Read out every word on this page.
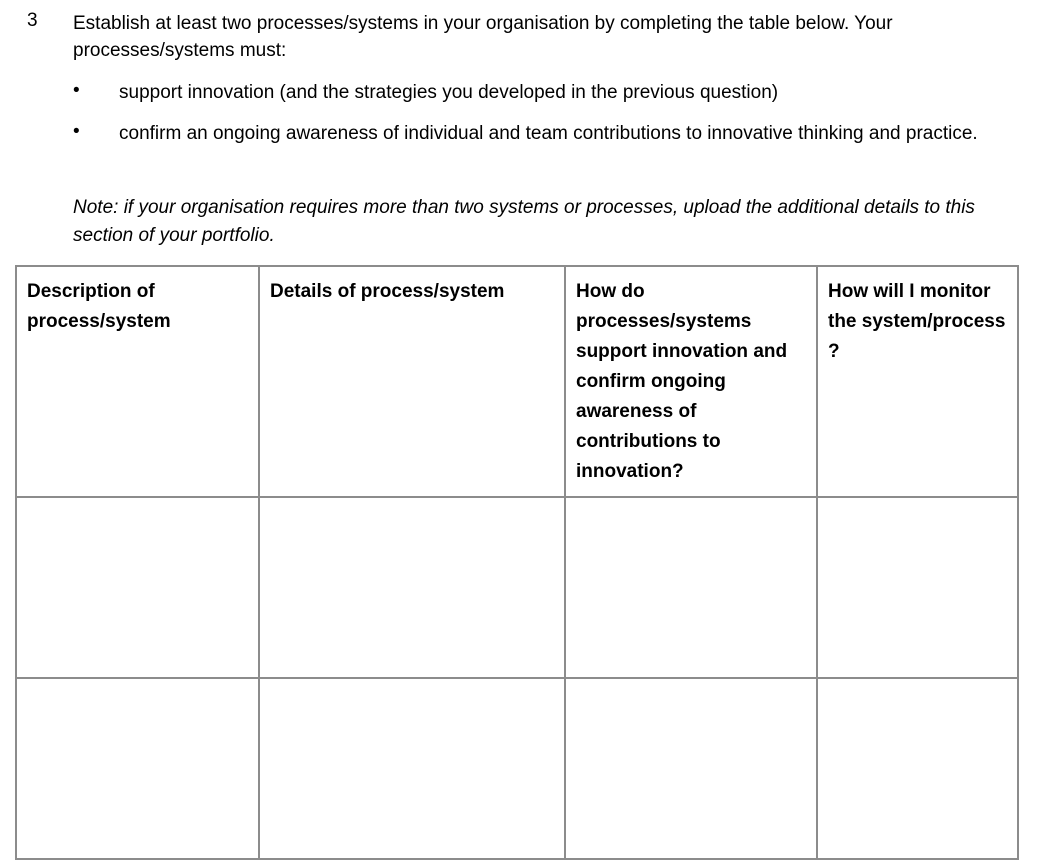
3 Establish at least two processes/systems in your organisation by completing the table below. Your processes/systems must:
• support innovation (and the strategies you developed in the previous question)
• confirm an ongoing awareness of individual and team contributions to innovative thinking and practice.
Note: if your organisation requires more than two systems or processes, upload the additional details to this section of your portfolio.
Description of process/system	Details of process/system	How do processes/systems support innovation and confirm ongoing awareness of contributions to innovation?	How will I monitor the system/process ?
